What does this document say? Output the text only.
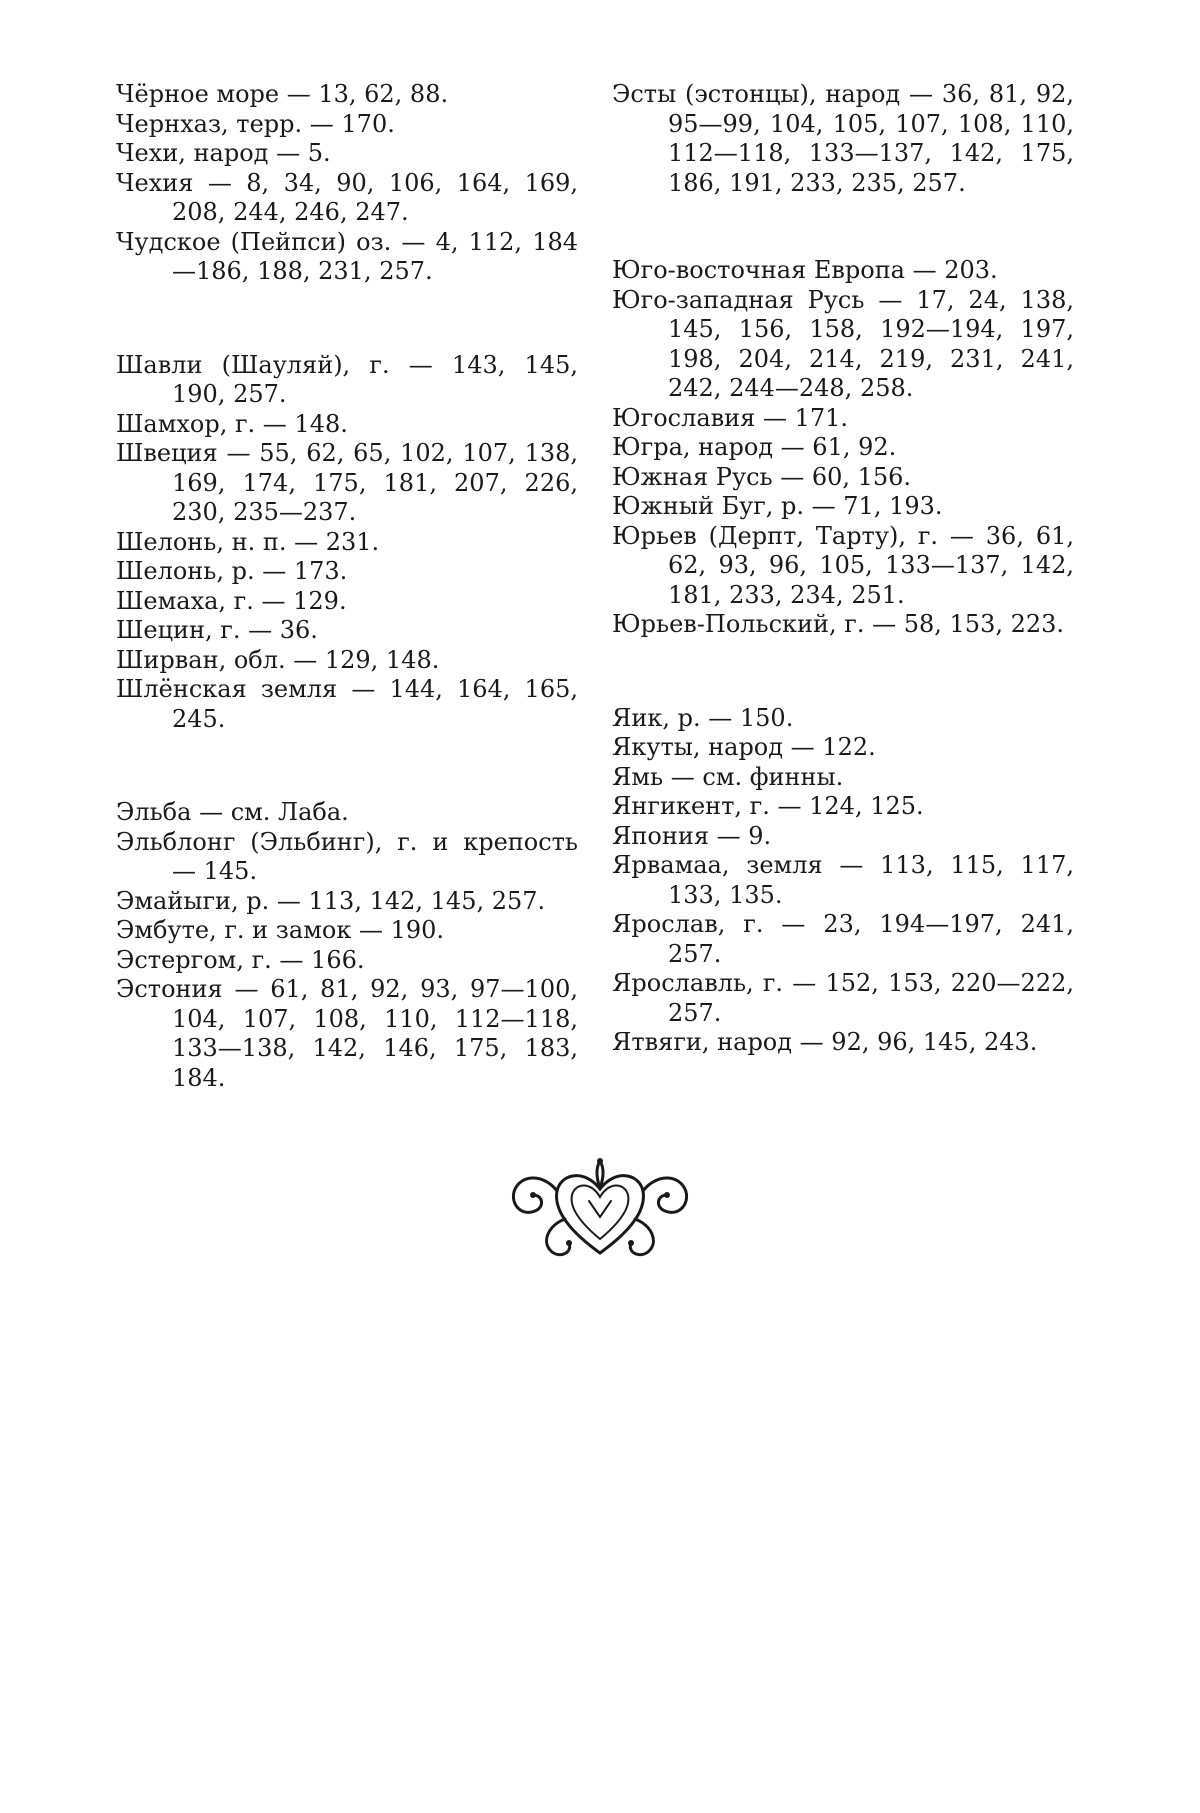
Чёрное море — 13, 62, 88.

Чернхаз, терр. — 170.

Чехи, народ — 5.

Чехия — 8, 34, 90, 106, 164, 169, 208, 244, 246, 247.

Чудское (Пейпси) оз. — 4, 112, 184—186, 188, 231, 257.

Шавли (Шауляй), г. — 143, 145, 190, 257.

Шамхор, г. — 148.

Швеция — 55, 62, 65, 102, 107, 138, 169, 174, 175, 181, 207, 226, 230, 235—237.

Шелонь, н. п. — 231.

Шелонь, р. — 173.

Шемаха, г. — 129.

Шецин, г. — 36.

Ширван, обл. — 129, 148.

Шлёнская земля — 144, 164, 165, 245.

Эльба — см. Лаба.

Эльблонг (Эльбинг), г. и крепость — 145.

Эмайыги, р. — 113, 142, 145, 257.

Эмбуте, г. и замок — 190.

Эстергом, г. — 166.

Эстония — 61, 81, 92, 93, 97—100, 104, 107, 108, 110, 112—118, 133—138, 142, 146, 175, 183, 184.

Эсты (эстонцы), народ — 36, 81, 92, 95—99, 104, 105, 107, 108, 110, 112—118, 133—137, 142, 175, 186, 191, 233, 235, 257.

Юго-восточная Европа — 203.

Юго-западная Русь — 17, 24, 138, 145, 156, 158, 192—194, 197, 198, 204, 214, 219, 231, 241, 242, 244—248, 258.

Югославия — 171.

Югра, народ — 61, 92.

Южная Русь — 60, 156.

Южный Буг, р. — 71, 193.

Юрьев (Дерпт, Тарту), г. — 36, 61, 62, 93, 96, 105, 133—137, 142, 181, 233, 234, 251.

Юрьев-Польский, г. — 58, 153, 223.

Яик, р. — 150.

Якуты, народ — 122.

Ямь — см. финны.

Янгикент, г. — 124, 125.

Япония — 9.

Ярвамаа, земля — 113, 115, 117, 133, 135.

Ярослав, г. — 23, 194—197, 241, 257.

Ярославль, г. — 152, 153, 220—222, 257.

Ятвяги, народ — 92, 96, 145, 243.
